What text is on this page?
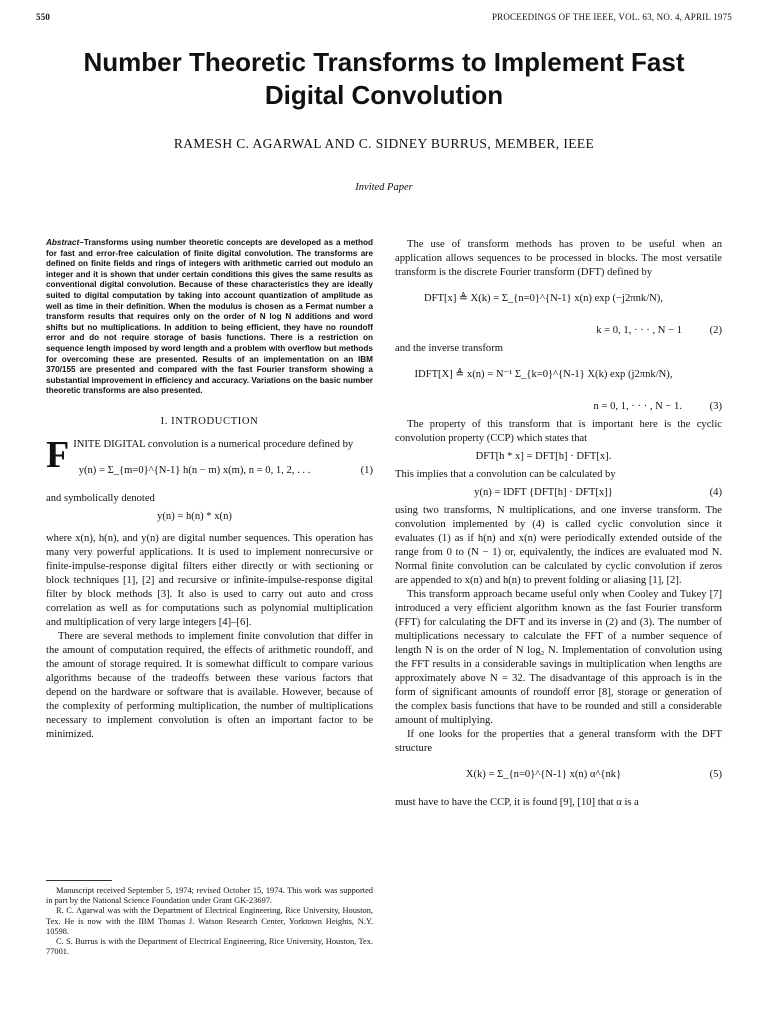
550	PROCEEDINGS OF THE IEEE, VOL. 63, NO. 4, APRIL 1975
Number Theoretic Transforms to Implement Fast
Digital Convolution
RAMESH C. AGARWAL AND C. SIDNEY BURRUS, MEMBER, IEEE
Invited Paper

Abstract–Transforms using number theoretic concepts are developed as a method for fast and error-free calculation of finite digital convolution. The transforms are defined on finite fields and rings of integers with arithmetic carried out modulo an integer and it is shown that under certain conditions this gives the same results as conventional digital convolution. Because of these characteristics they are ideally suited to digital computation by taking into account quantization of amplitude as well as time in their definition. When the modulus is chosen as a Fermat number a transform results that requires only on the order of N log N additions and word shifts but no multiplications. In addition to being efficient, they have no roundoff error and do not require storage of basis functions. There is a restriction on sequence length imposed by word length and a problem with overflow but methods for overcoming these are presented. Results of an implementation on an IBM 370/155 are presented and compared with the fast Fourier transform showing a substantial improvement in efficiency and accuracy. Variations on the basic number theoretic transforms are also presented.

I. INTRODUCTION

FINITE DIGITAL convolution is a numerical procedure defined by

y(n) = Σ_{m=0}^{N-1} h(n − m) x(m), n = 0, 1, 2, . . .	(1)

and symbolically denoted

y(n) = h(n) * x(n)

where x(n), h(n), and y(n) are digital number sequences. This operation has many very powerful applications. It is used to implement nonrecursive or finite-impulse-response digital filters either directly or with sectioning or block techniques [1], [2] and recursive or infinite-impulse-response digital filter by block methods [3]. It also is used to carry out auto and cross correlation as well as for computations such as polynomial multiplication and multiplication of very large integers [4]–[6].

There are several methods to implement finite convolution that differ in the amount of computation required, the effects of arithmetic roundoff, and the amount of storage required. It is somewhat difficult to compare various algorithms because of the tradeoffs between these various factors that depend on the hardware or software that is available. However, because of the complexity of performing multiplication, the number of multiplications necessary to implement convolution is often an important factor to be minimized.

Manuscript received September 5, 1974; revised October 15, 1974. This work was supported in part by the National Science Foundation under Grant GK-23697.

R. C. Agarwal was with the Department of Electrical Engineering, Rice University, Houston, Tex. He is now with the IBM Thomas J. Watson Research Center, Yorktown Heights, N.Y. 10598.

C. S. Burrus is with the Department of Electrical Engineering, Rice University, Houston, Tex. 77001.

The use of transform methods has proven to be useful when an application allows sequences to be processed in blocks. The most versatile transform is the discrete Fourier transform (DFT) defined by

DFT[x] ≜ X(k) = Σ_{n=0}^{N-1} x(n) exp (−j2πnk/N),
k = 0, 1, · · · , N − 1	(2)

and the inverse transform

IDFT[X] ≜ x(n) = N⁻¹ Σ_{k=0}^{N-1} X(k) exp (j2πnk/N),
n = 0, 1, · · · , N − 1.	(3)

The property of this transform that is important here is the cyclic convolution property (CCP) which states that

DFT[h * x] = DFT[h] · DFT[x].

This implies that a convolution can be calculated by

y(n) = IDFT {DFT[h] · DFT[x]}	(4)

using two transforms, N multiplications, and one inverse transform. The convolution implemented by (4) is called cyclic convolution since it evaluates (1) as if h(n) and x(n) were periodically extended outside of the range from 0 to (N − 1) or, equivalently, the indices are evaluated mod N. Normal finite convolution can be calculated by cyclic convolution if zeros are appended to x(n) and h(n) to prevent folding or aliasing [1], [2].

This transform approach became useful only when Cooley and Tukey [7] introduced a very efficient algorithm known as the fast Fourier transform (FFT) for calculating the DFT and its inverse in (2) and (3). The number of multiplications necessary to calculate the FFT of a number sequence of length N is on the order of N log₂ N. Implementation of convolution using the FFT results in a considerable savings in multiplication when lengths are approximately above N = 32. The disadvantage of this approach is in the form of significant amounts of roundoff error [8], storage or generation of the complex basis functions that have to be rounded and still a considerable amount of multiplying.

If one looks for the properties that a general transform with the DFT structure

X(k) = Σ_{n=0}^{N-1} x(n) α^{nk}	(5)

must have to have the CCP, it is found [9], [10] that α is a
